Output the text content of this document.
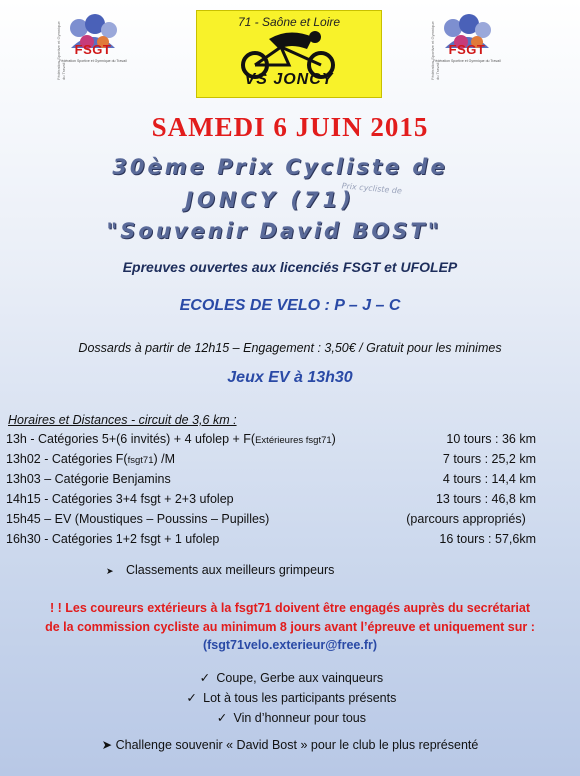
FSGT
Fédération Sportive et Gymnique du Travail
Fédération Sportive et Gymnique du Travail
71 - Saône et Loire
VS JONCY
FSGT
Fédération Sportive et Gymnique du Travail
Fédération Sportive et Gymnique du Travail
SAMEDI 6 JUIN 2015
Prix cycliste de
30ème Prix Cycliste de
JONCY (71)
"Souvenir David BOST"
Epreuves ouvertes aux licenciés FSGT et UFOLEP
ECOLES DE VELO : P – J – C
Dossards à partir de 12h15 – Engagement : 3,50€ / Gratuit pour les minimes
Jeux EV à 13h30
Horaires et Distances - circuit de 3,6 km :
13h - Catégories 5+(6 invités) + 4 ufolep + F(Extérieures fsgt71)	10 tours : 36 km
13h02 - Catégories F(fsgt71) /M	7 tours : 25,2 km
13h03 – Catégorie Benjamins	4 tours : 14,4 km
14h15 - Catégories 3+4 fsgt + 2+3 ufolep	13 tours : 46,8 km
15h45 – EV (Moustiques – Poussins – Pupilles)	(parcours appropriés)
16h30 - Catégories 1+2 fsgt + 1 ufolep	16 tours : 57,6km
➤ Classements aux meilleurs grimpeurs
! ! Les coureurs extérieurs à la fsgt71 doivent être engagés auprès du secrétariat
de la commission cycliste au minimum 8 jours avant l’épreuve et uniquement sur :
(fsgt71velo.exterieur@free.fr)
✓ Coupe, Gerbe aux vainqueurs
✓ Lot à tous les participants présents
✓ Vin d’honneur pour tous
➤ Challenge souvenir « David Bost » pour le club le plus représenté
